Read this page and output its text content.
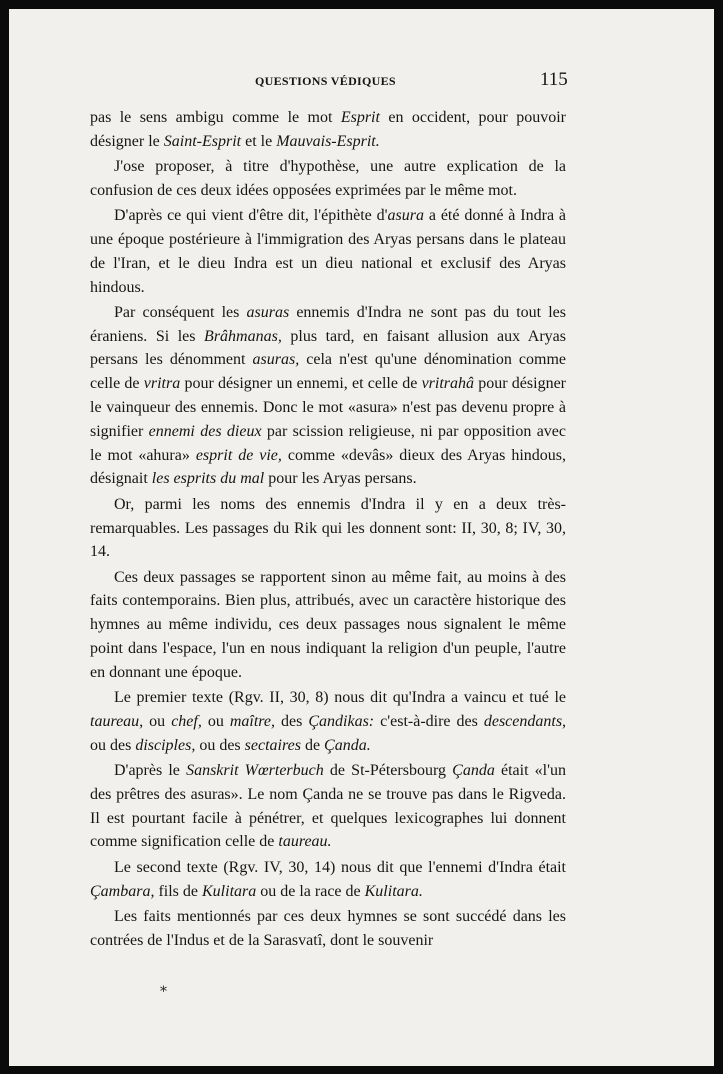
QUESTIONS VÉDIQUES	115

pas le sens ambigu comme le mot Esprit en occident, pour pouvoir désigner le Saint-Esprit et le Mauvais-Esprit.

J'ose proposer, à titre d'hypothèse, une autre explication de la confusion de ces deux idées opposées exprimées par le même mot.

D'après ce qui vient d'être dit, l'épithète d'asura a été donné à Indra à une époque postérieure à l'immigration des Aryas persans dans le plateau de l'Iran, et le dieu Indra est un dieu national et exclusif des Aryas hindous.

Par conséquent les asuras ennemis d'Indra ne sont pas du tout les éraniens. Si les Brâhmanas, plus tard, en faisant allusion aux Aryas persans les dénomment asuras, cela n'est qu'une dénomination comme celle de vritra pour désigner un ennemi, et celle de vritrahâ pour désigner le vainqueur des ennemis. Donc le mot «asura» n'est pas devenu propre à signifier ennemi des dieux par scission religieuse, ni par opposition avec le mot «ahura» esprit de vie, comme «devâs» dieux des Aryas hindous, désignait les esprits du mal pour les Aryas persans.

Or, parmi les noms des ennemis d'Indra il y en a deux très-remarquables. Les passages du Rik qui les donnent sont: II, 30, 8; IV, 30, 14.

Ces deux passages se rapportent sinon au même fait, au moins à des faits contemporains. Bien plus, attribués, avec un caractère historique des hymnes au même individu, ces deux passages nous signalent le même point dans l'espace, l'un en nous indiquant la religion d'un peuple, l'autre en donnant une époque.

Le premier texte (Rgv. II, 30, 8) nous dit qu'Indra a vaincu et tué le taureau, ou chef, ou maître, des Çandikas: c'est-à-dire des descendants, ou des disciples, ou des sectaires de Çanda.

D'après le Sanskrit Wœrterbuch de St-Pétersbourg Çanda était «l'un des prêtres des asuras». Le nom Çanda ne se trouve pas dans le Rigveda. Il est pourtant facile à pénétrer, et quelques lexicographes lui donnent comme signification celle de taureau.

Le second texte (Rgv. IV, 30, 14) nous dit que l'ennemi d'Indra était Çambara, fils de Kulitara ou de la race de Kulitara.

Les faits mentionnés par ces deux hymnes se sont succédé dans les contrées de l'Indus et de la Sarasvatî, dont le souvenir

*
